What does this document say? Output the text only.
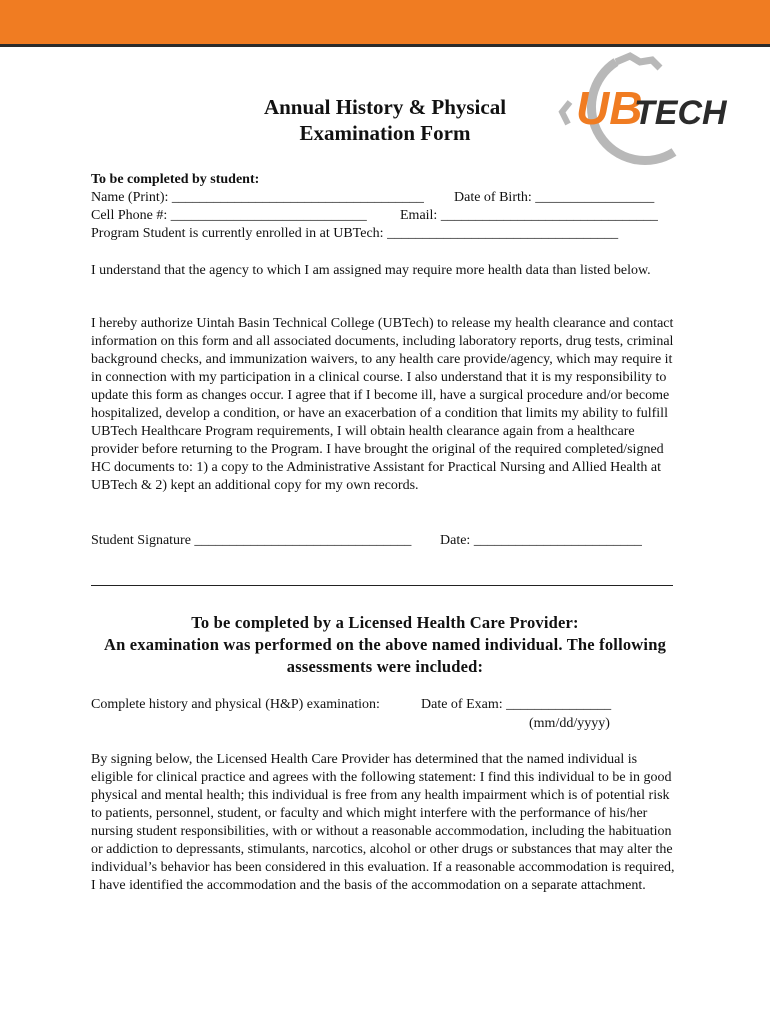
UB
TECH
Annual History & Physical
Examination Form
To be completed by student:
Name (Print): ____________________________________ Date of Birth: _________________
Cell Phone #: ____________________________ Email: _______________________________
Program Student is currently enrolled in at UBTech: _________________________________
I understand that the agency to which I am assigned may require more health data than listed below.
I hereby authorize Uintah Basin Technical College (UBTech) to release my health clearance and contact information on this form and all associated documents, including laboratory reports, drug tests, criminal background checks, and immunization waivers, to any health care provide/agency, which may require it in connection with my participation in a clinical course. I also understand that it is my responsibility to update this form as changes occur. I agree that if I become ill, have a surgical procedure and/or become hospitalized, develop a condition, or have an exacerbation of a condition that limits my ability to fulfill UBTech Healthcare Program requirements, I will obtain health clearance again from a healthcare provider before returning to the Program. I have brought the original of the required completed/signed HC documents to: 1) a copy to the Administrative Assistant for Practical Nursing and Allied Health at UBTech & 2) kept an additional copy for my own records.
Student Signature _______________________________ Date: ________________________
To be completed by a Licensed Health Care Provider:
An examination was performed on the above named individual. The following
assessments were included:
Complete history and physical (H&P) examination:	Date of Exam: _______________
(mm/dd/yyyy)
By signing below, the Licensed Health Care Provider has determined that the named individual is eligible for clinical practice and agrees with the following statement: I find this individual to be in good physical and mental health; this individual is free from any health impairment which is of potential risk to patients, personnel, student, or faculty and which might interfere with the performance of his/her nursing student responsibilities, with or without a reasonable accommodation, including the habituation or addiction to depressants, stimulants, narcotics, alcohol or other drugs or substances that may alter the individual’s behavior has been considered in this evaluation. If a reasonable accommodation is required, I have identified the accommodation and the basis of the accommodation on a separate attachment.
